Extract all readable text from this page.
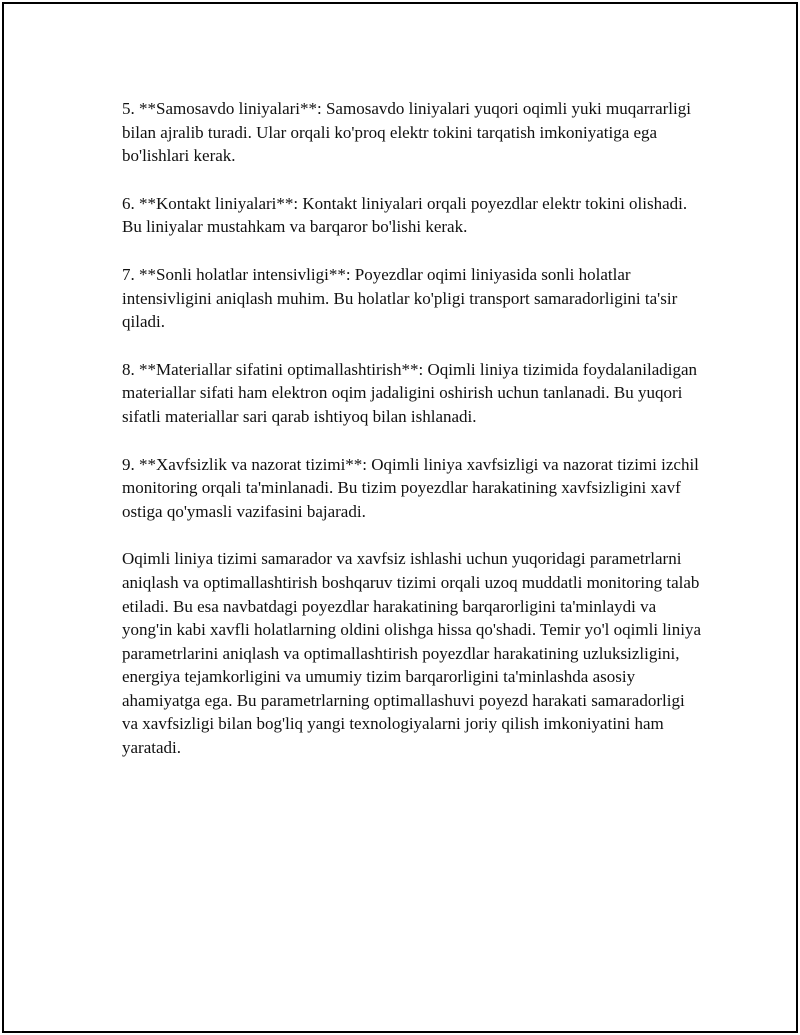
5. **Samosavdo liniyalari**: Samosavdo liniyalari yuqori oqimli yuki muqarrarligi bilan ajralib turadi. Ular orqali ko'proq elektr tokini tarqatish imkoniyatiga ega bo'lishlari kerak.

6. **Kontakt liniyalari**: Kontakt liniyalari orqali poyezdlar elektr tokini olishadi. Bu liniyalar mustahkam va barqaror bo'lishi kerak.

7. **Sonli holatlar intensivligi**: Poyezdlar oqimi liniyasida sonli holatlar intensivligini aniqlash muhim. Bu holatlar ko'pligi transport samaradorligini ta'sir qiladi.

8. **Materiallar sifatini optimallashtirish**: Oqimli liniya tizimida foydalaniladigan materiallar sifati ham elektron oqim jadaligini oshirish uchun tanlanadi. Bu yuqori sifatli materiallar sari qarab ishtiyoq bilan ishlanadi.

9. **Xavfsizlik va nazorat tizimi**: Oqimli liniya xavfsizligi va nazorat tizimi izchil monitoring orqali ta'minlanadi. Bu tizim poyezdlar harakatining xavfsizligini xavf ostiga qo'ymasli vazifasini bajaradi.

Oqimli liniya tizimi samarador va xavfsiz ishlashi uchun yuqoridagi parametrlarni aniqlash va optimallashtirish boshqaruv tizimi orqali uzoq muddatli monitoring talab etiladi. Bu esa navbatdagi poyezdlar harakatining barqarorligini ta'minlaydi va yong'in kabi xavfli holatlarning oldini olishga hissa qo'shadi. Temir yo'l oqimli liniya parametrlarini aniqlash va optimallashtirish poyezdlar harakatining uzluksizligini, energiya tejamkorligini va umumiy tizim barqarorligini ta'minlashda asosiy ahamiyatga ega. Bu parametrlarning optimallashuvi poyezd harakati samaradorligi va xavfsizligi bilan bog'liq yangi texnologiyalarni joriy qilish imkoniyatini ham yaratadi.
